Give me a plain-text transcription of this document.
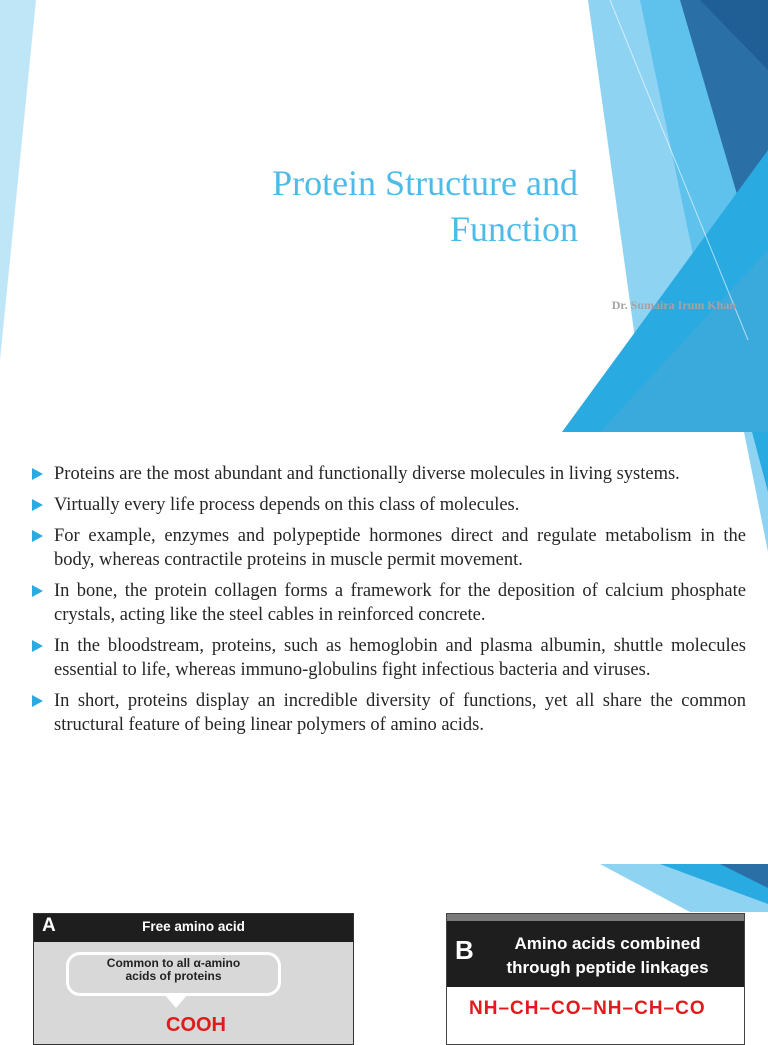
Protein Structure and
Function
Dr. Sumaira Irum Khan
Proteins are the most abundant and functionally diverse molecules in living systems.
Virtually every life process depends on this class of molecules.
For example, enzymes and polypeptide hormones direct and regulate metabolism in the body, whereas contractile proteins in muscle permit movement.
In bone, the protein collagen forms a framework for the deposition of calcium phosphate crystals, acting like the steel cables in reinforced concrete.
In the bloodstream, proteins, such as hemoglobin and plasma albumin, shuttle molecules essential to life, whereas immuno-globulins fight infectious bacteria and viruses.
In short, proteins display an incredible diversity of functions, yet all share the common structural feature of being linear polymers of amino acids.
A	Free amino acid
Common to all α-amino
acids of proteins
COOH
B	Amino acids combined
through peptide linkages
NH–CH–CO–NH–CH–CO
